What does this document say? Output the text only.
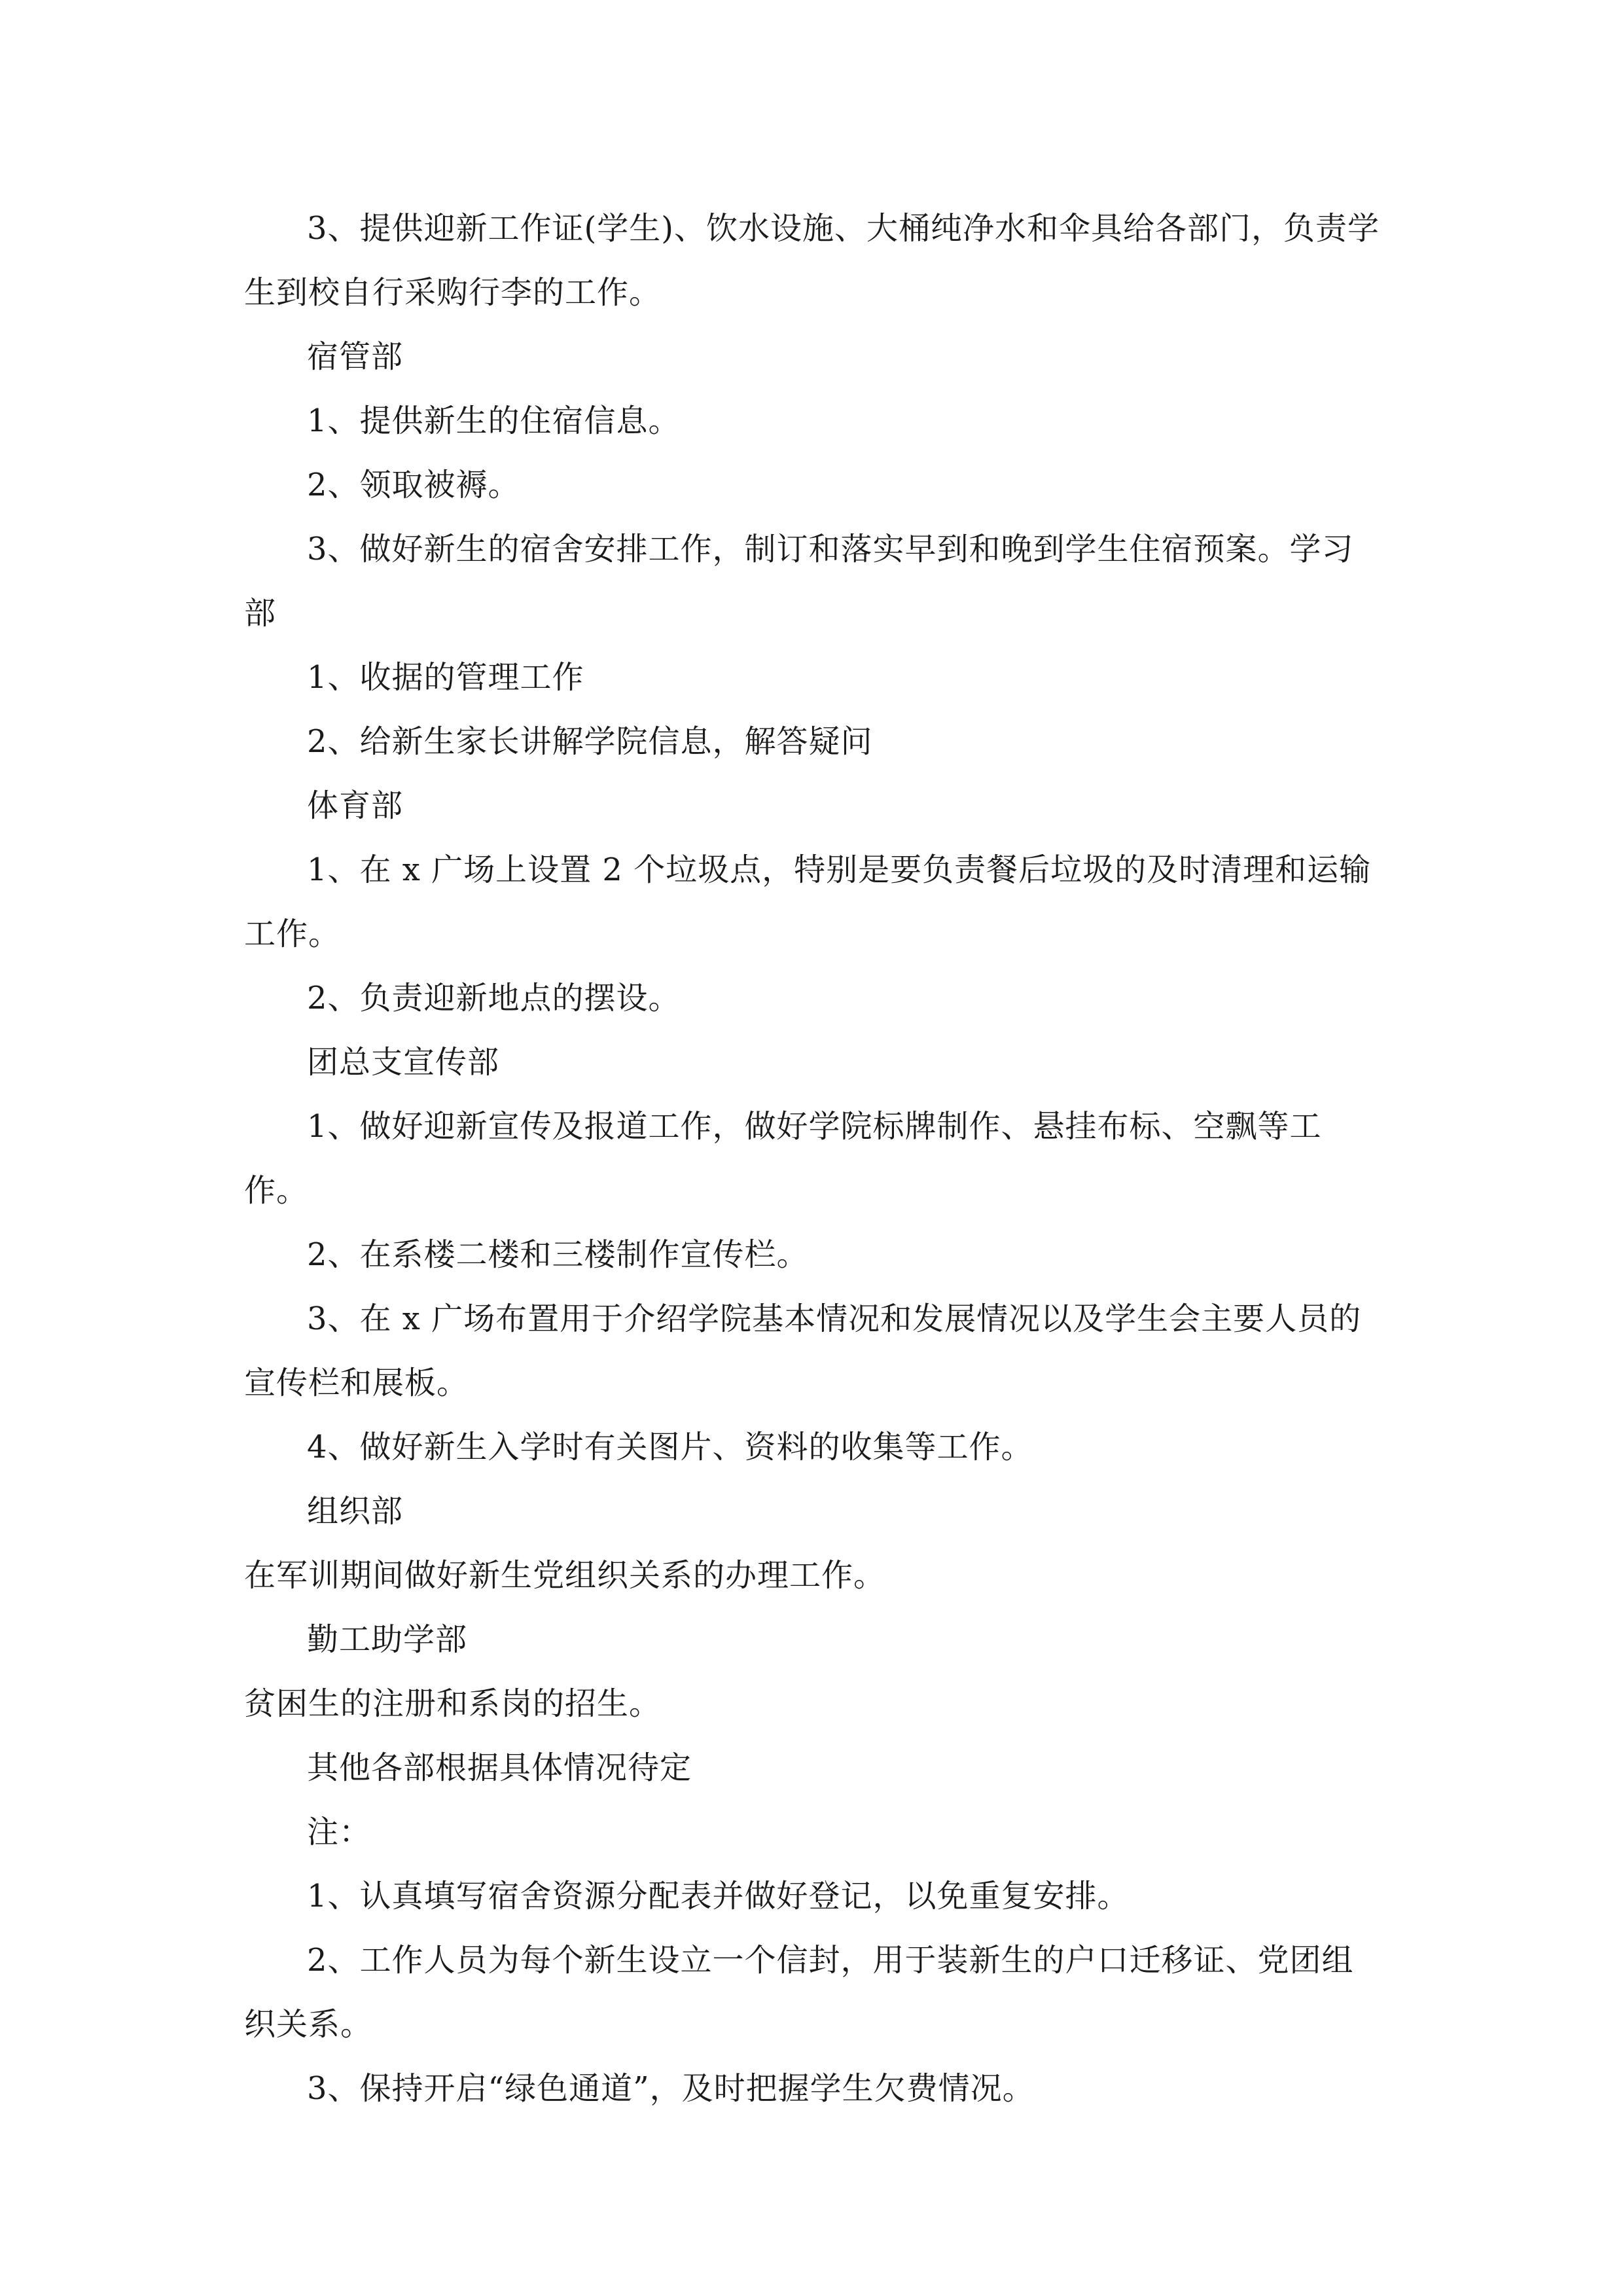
3、提供迎新工作证(学生)、饮水设施、大桶纯净水和伞具给各部门，负责学生到校自行采购行李的工作。

宿管部

1、提供新生的住宿信息。

2、领取被褥。

3、做好新生的宿舍安排工作，制订和落实早到和晚到学生住宿预案。学习部

1、收据的管理工作

2、给新生家长讲解学院信息，解答疑问

体育部

1、在 x 广场上设置 2 个垃圾点，特别是要负责餐后垃圾的及时清理和运输工作。

2、负责迎新地点的摆设。

团总支宣传部

1、做好迎新宣传及报道工作，做好学院标牌制作、悬挂布标、空飘等工作。

2、在系楼二楼和三楼制作宣传栏。

3、在 x 广场布置用于介绍学院基本情况和发展情况以及学生会主要人员的宣传栏和展板。

4、做好新生入学时有关图片、资料的收集等工作。

组织部

在军训期间做好新生党组织关系的办理工作。

勤工助学部

贫困生的注册和系岗的招生。

其他各部根据具体情况待定

注：

1、认真填写宿舍资源分配表并做好登记，以免重复安排。

2、工作人员为每个新生设立一个信封，用于装新生的户口迁移证、党团组织关系。

3、保持开启“绿色通道”，及时把握学生欠费情况。
